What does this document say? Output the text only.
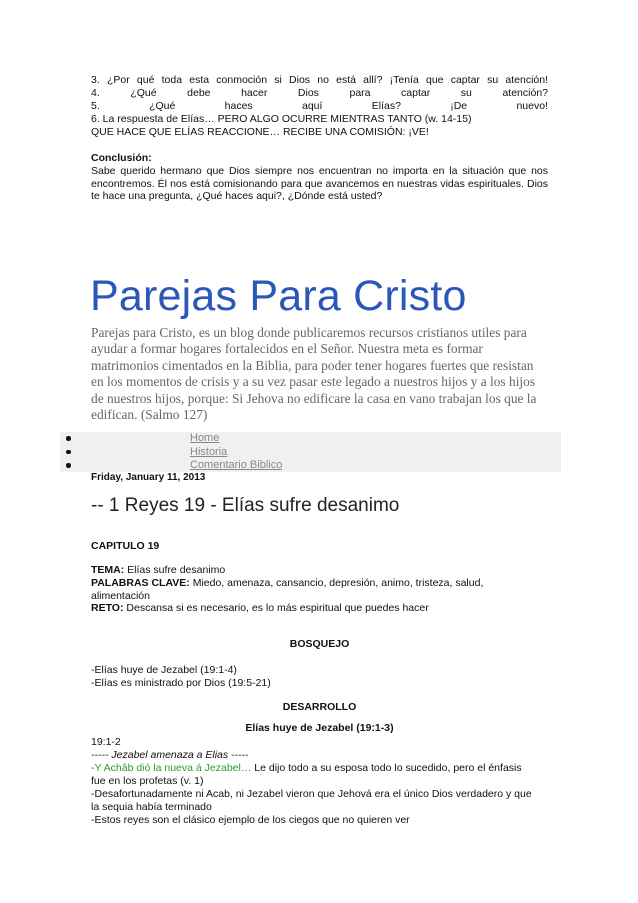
3. ¿Por qué toda esta conmoción si Dios no está allí? ¡Tenía que captar su atención!
4. ¿Qué debe hacer Dios para captar su atención?
5. ¿Qué haces aquí Elías? ¡De nuevo!
6. La respuesta de Elías… PERO ALGO OCURRE MIENTRAS TANTO (w. 14-15)
QUE HACE QUE ELÍAS REACCIONE… RECIBE UNA COMISIÓN: ¡VE!
Conclusión:
Sabe querido hermano que Dios siempre nos encuentran no importa en la situación que nos encontremos. Él nos está comisionando para que avancemos en nuestras vidas espirituales. Dios te hace una pregunta, ¿Qué haces aqui?, ¿Dónde está usted?
Parejas Para Cristo
Parejas para Cristo, es un blog donde publicaremos recursos cristianos utiles para ayudar a formar hogares fortalecidos en el Señor. Nuestra meta es formar matrimonios cimentados en la Biblia, para poder tener hogares fuertes que resistan en los momentos de crisis y a su vez pasar este legado a nuestros hijos y a los hijos de nuestros hijos, porque: Si Jehova no edificare la casa en vano trabajan los que la edifican. (Salmo 127)
Home
Historia
Comentario Biblico
Friday, January 11, 2013
-- 1 Reyes 19 - Elías sufre desanimo
CAPITULO 19
TEMA: Elías sufre desanimo
PALABRAS CLAVE: Miedo, amenaza, cansancio, depresión, animo, tristeza, salud,
alimentación
RETO: Descansa si es necesario, es lo más espiritual que puedes hacer
BOSQUEJO
-Elías huye de Jezabel (19:1-4)
-Elías es ministrado por Dios (19:5-21)
DESARROLLO
Elías huye de Jezabel (19:1-3)
19:1-2
----- Jezabel amenaza a Elias -----
-Y Achâb dió la nueva á Jezabel… Le dijo todo a su esposa todo lo sucedido, pero el énfasis
fue en los profetas (v. 1)
-Desafortunadamente ni Acab, ni Jezabel vieron que Jehová era el único Dios verdadero y que
la sequia había terminado
-Estos reyes son el clásico ejemplo de los ciegos que no quieren ver
